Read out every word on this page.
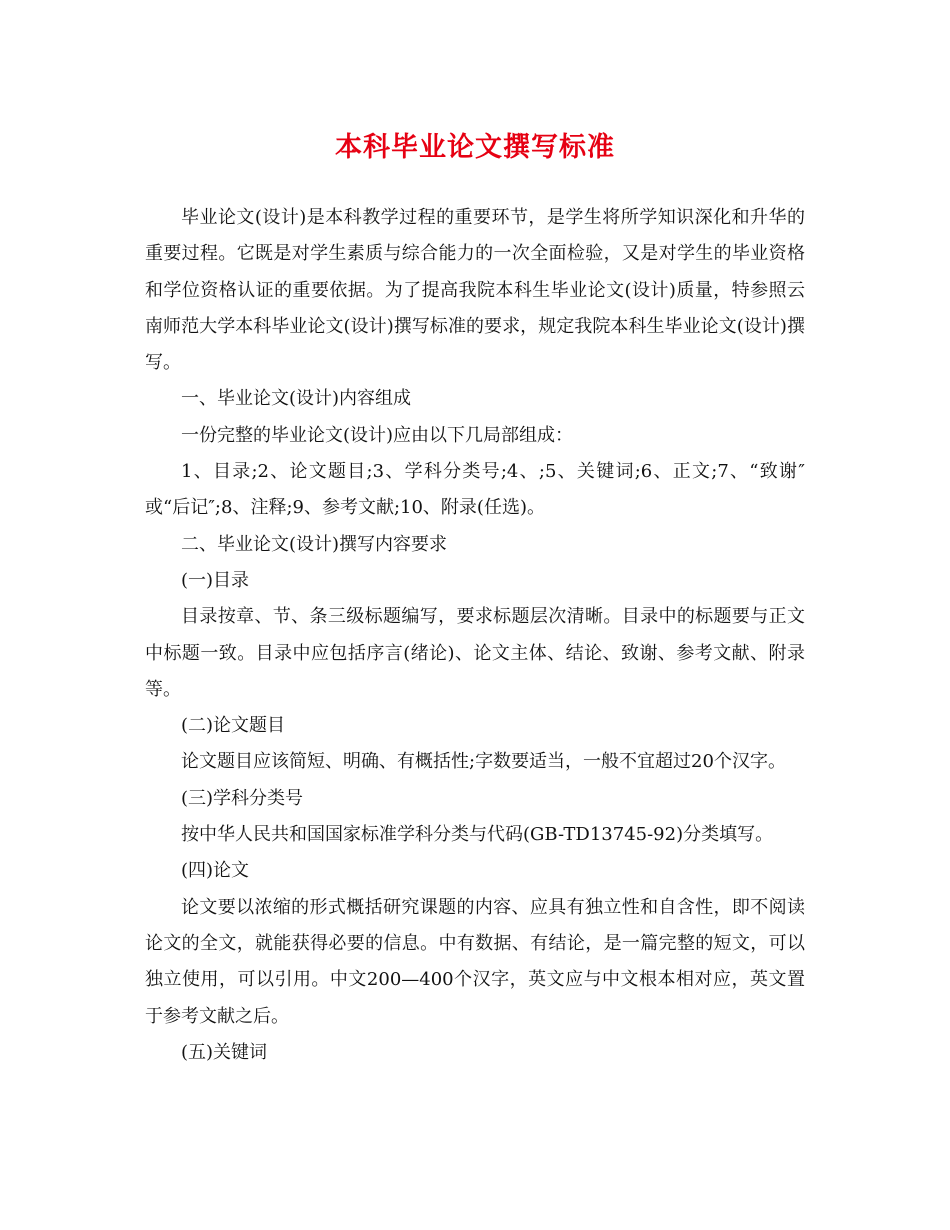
本科毕业论文撰写标准

毕业论文(设计)是本科教学过程的重要环节，是学生将所学知识深化和升华的重要过程。它既是对学生素质与综合能力的一次全面检验，又是对学生的毕业资格和学位资格认证的重要依据。为了提高我院本科生毕业论文(设计)质量，特参照云南师范大学本科毕业论文(设计)撰写标准的要求，规定我院本科生毕业论文(设计)撰写。

一、毕业论文(设计)内容组成

一份完整的毕业论文(设计)应由以下几局部组成：

1、目录;2、论文题目;3、学科分类号;4、;5、关键词;6、正文;7、“致谢″或“后记″;8、注释;9、参考文献;10、附录(任选)。

二、毕业论文(设计)撰写内容要求

(一)目录

目录按章、节、条三级标题编写，要求标题层次清晰。目录中的标题要与正文中标题一致。目录中应包括序言(绪论)、论文主体、结论、致谢、参考文献、附录等。

(二)论文题目

论文题目应该简短、明确、有概括性;字数要适当，一般不宜超过20个汉字。

(三)学科分类号

按中华人民共和国国家标准学科分类与代码(GB-TD13745-92)分类填写。

(四)论文

论文要以浓缩的形式概括研究课题的内容、应具有独立性和自含性，即不阅读论文的全文，就能获得必要的信息。中有数据、有结论，是一篇完整的短文，可以独立使用，可以引用。中文200—400个汉字，英文应与中文根本相对应，英文置于参考文献之后。

(五)关键词
